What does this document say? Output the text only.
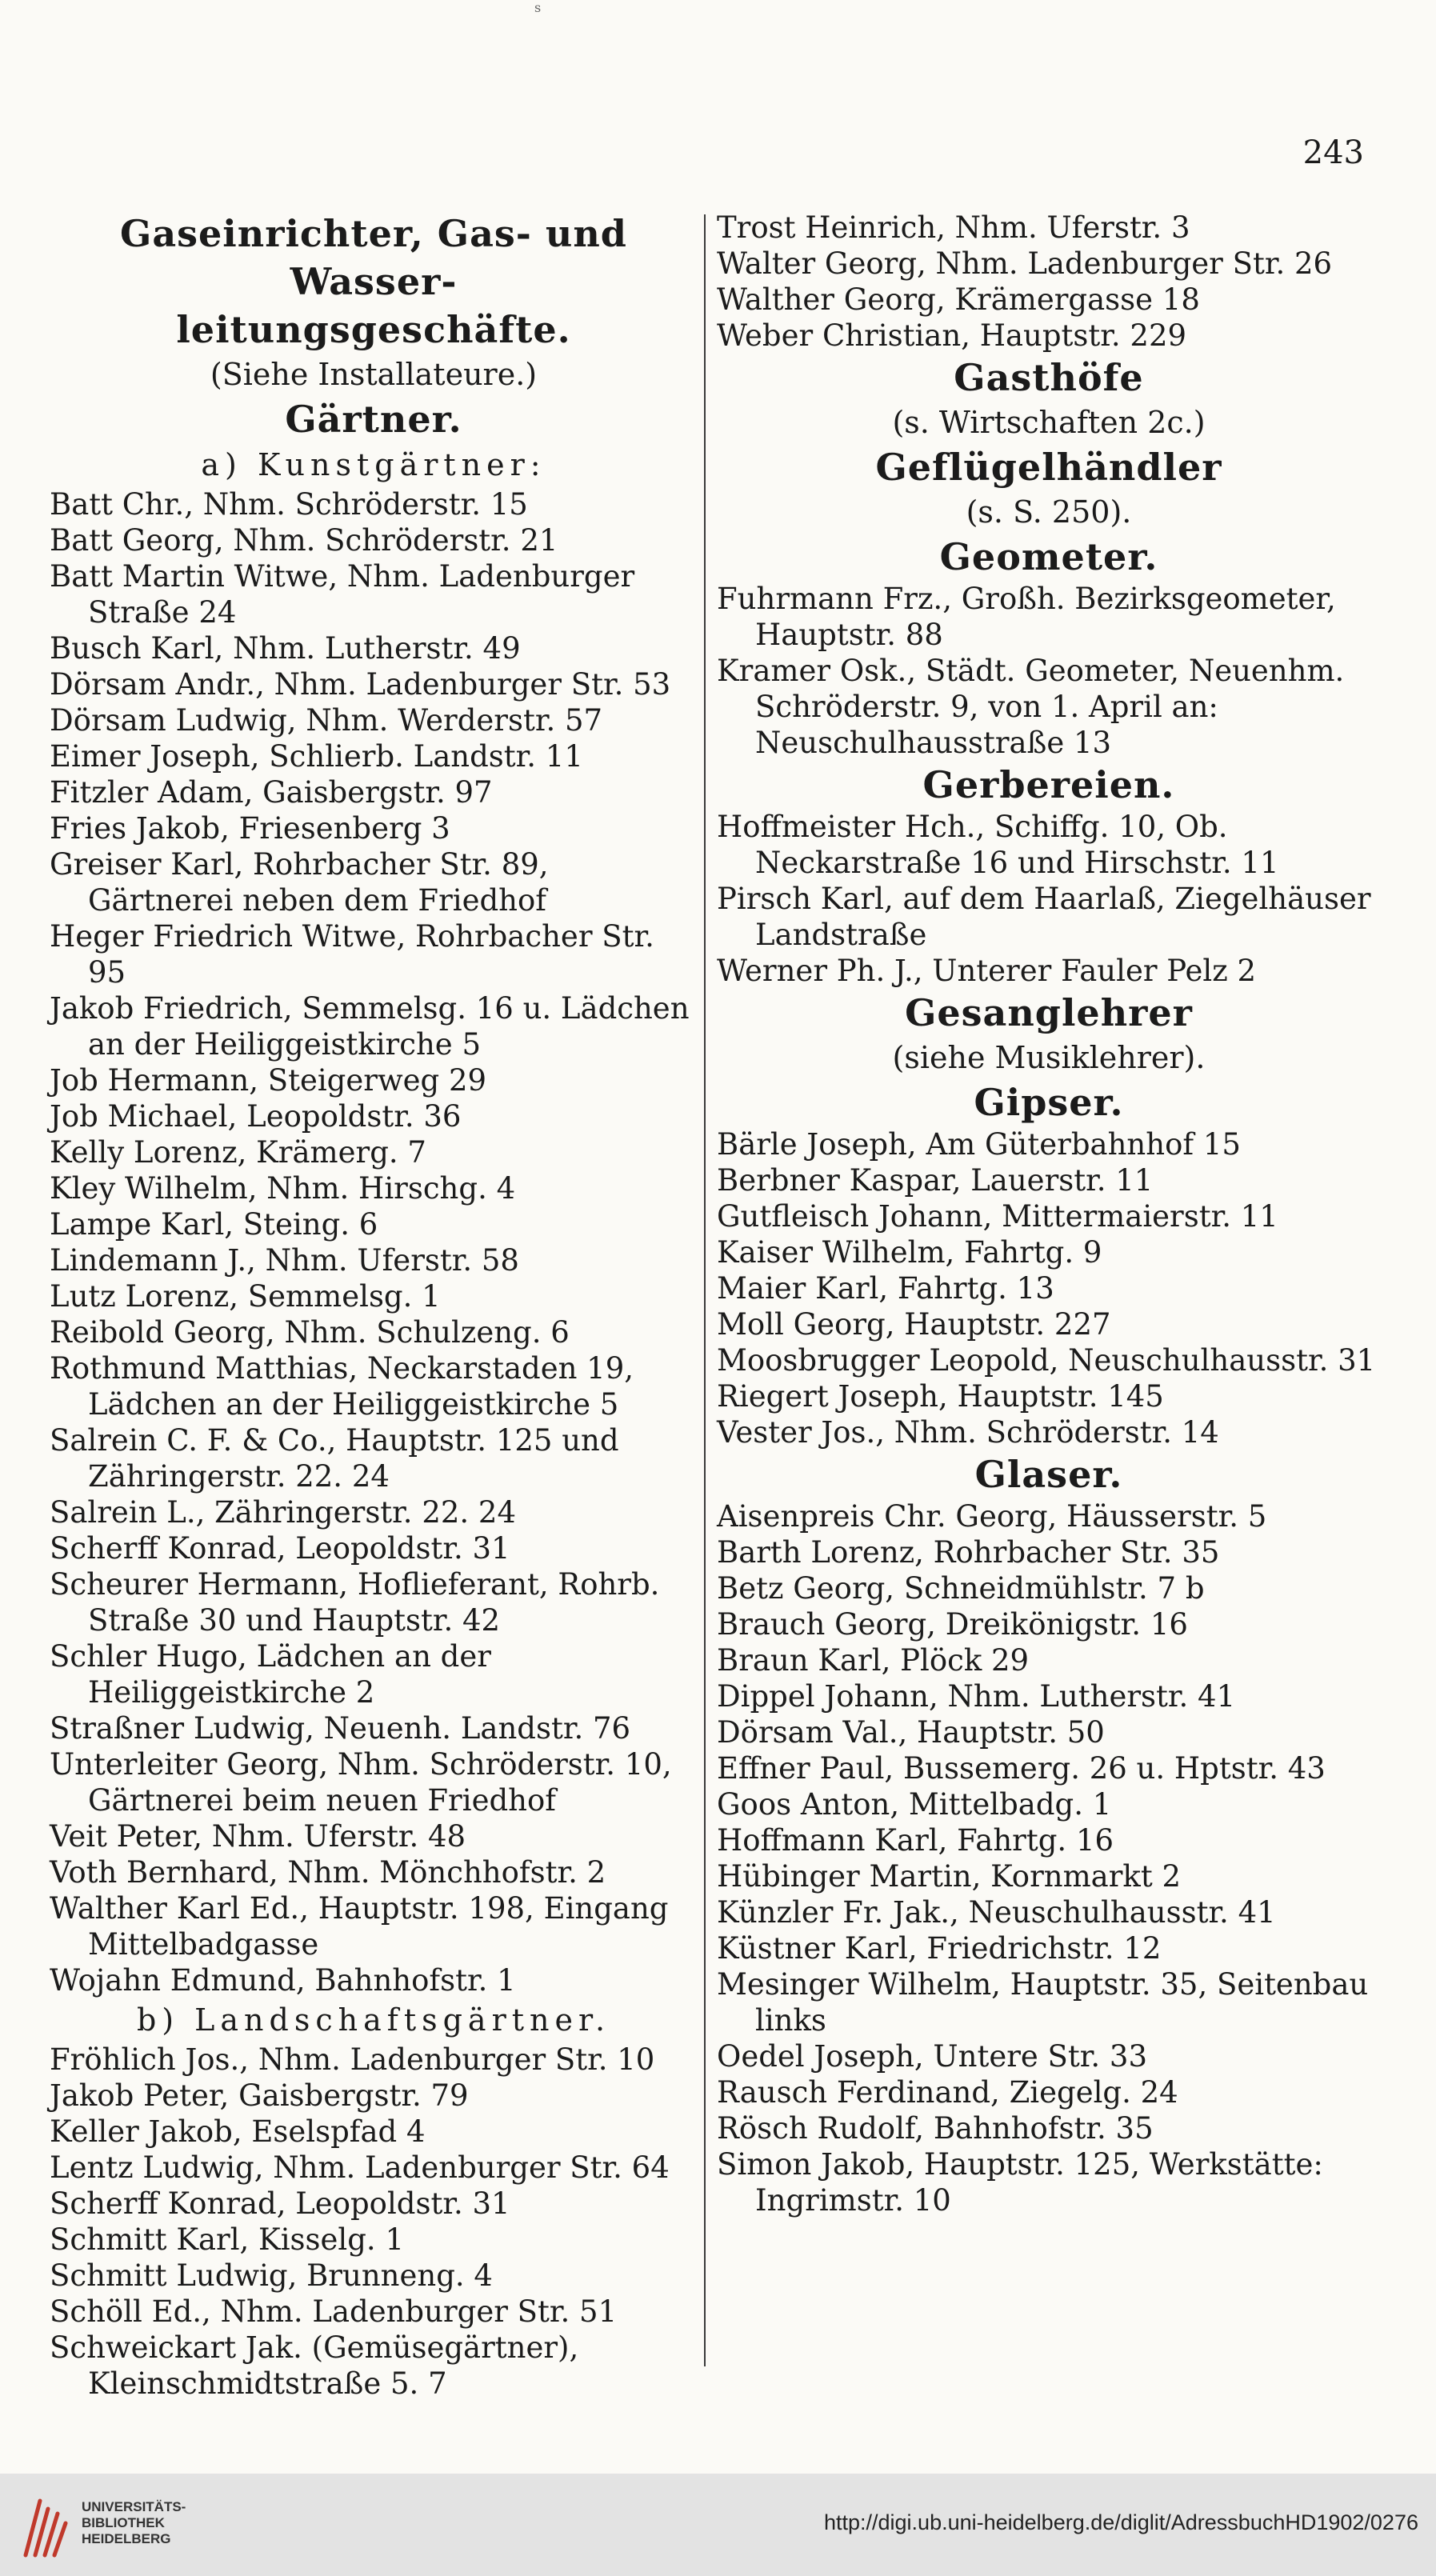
s
243
Gaseinrichter, Gas- und Wasser-
leitungsgeschäfte.
(Siehe Installateure.)
Gärtner.
a) Kunstgärtner:
Batt Chr., Nhm. Schröderstr. 15
Batt Georg, Nhm. Schröderstr. 21
Batt Martin Witwe, Nhm. Ladenburger Straße 24
Busch Karl, Nhm. Lutherstr. 49
Dörsam Andr., Nhm. Ladenburger Str. 53
Dörsam Ludwig, Nhm. Werderstr. 57
Eimer Joseph, Schlierb. Landstr. 11
Fitzler Adam, Gaisbergstr. 97
Fries Jakob, Friesenberg 3
Greiser Karl, Rohrbacher Str. 89, Gärtnerei neben dem Friedhof
Heger Friedrich Witwe, Rohrbacher Str. 95
Jakob Friedrich, Semmelsg. 16 u. Lädchen an der Heiliggeistkirche 5
Job Hermann, Steigerweg 29
Job Michael, Leopoldstr. 36
Kelly Lorenz, Krämerg. 7
Kley Wilhelm, Nhm. Hirschg. 4
Lampe Karl, Steing. 6
Lindemann J., Nhm. Uferstr. 58
Lutz Lorenz, Semmelsg. 1
Reibold Georg, Nhm. Schulzeng. 6
Rothmund Matthias, Neckarstaden 19, Lädchen an der Heiliggeistkirche 5
Salrein C. F. & Co., Hauptstr. 125 und Zähringerstr. 22. 24
Salrein L., Zähringerstr. 22. 24
Scherff Konrad, Leopoldstr. 31
Scheurer Hermann, Hoflieferant, Rohrb. Straße 30 und Hauptstr. 42
Schler Hugo, Lädchen an der Heiliggeistkirche 2
Straßner Ludwig, Neuenh. Landstr. 76
Unterleiter Georg, Nhm. Schröderstr. 10, Gärtnerei beim neuen Friedhof
Veit Peter, Nhm. Uferstr. 48
Voth Bernhard, Nhm. Mönchhofstr. 2
Walther Karl Ed., Hauptstr. 198, Eingang Mittelbadgasse
Wojahn Edmund, Bahnhofstr. 1
b) Landschaftsgärtner.
Fröhlich Jos., Nhm. Ladenburger Str. 10
Jakob Peter, Gaisbergstr. 79
Keller Jakob, Eselspfad 4
Lentz Ludwig, Nhm. Ladenburger Str. 64
Scherff Konrad, Leopoldstr. 31
Schmitt Karl, Kisselg. 1
Schmitt Ludwig, Brunneng. 4
Schöll Ed., Nhm. Ladenburger Str. 51
Schweickart Jak. (Gemüsegärtner), Kleinschmidtstraße 5. 7
Trost Heinrich, Nhm. Uferstr. 3
Walter Georg, Nhm. Ladenburger Str. 26
Walther Georg, Krämergasse 18
Weber Christian, Hauptstr. 229
Gasthöfe
(s. Wirtschaften 2c.)
Geflügelhändler
(s. S. 250).
Geometer.
Fuhrmann Frz., Großh. Bezirksgeometer, Hauptstr. 88
Kramer Osk., Städt. Geometer, Neuenhm. Schröderstr. 9, von 1. April an: Neuschulhausstraße 13
Gerbereien.
Hoffmeister Hch., Schiffg. 10, Ob. Neckarstraße 16 und Hirschstr. 11
Pirsch Karl, auf dem Haarlaß, Ziegelhäuser Landstraße
Werner Ph. J., Unterer Fauler Pelz 2
Gesanglehrer
(siehe Musiklehrer).
Gipser.
Bärle Joseph, Am Güterbahnhof 15
Berbner Kaspar, Lauerstr. 11
Gutfleisch Johann, Mittermaierstr. 11
Kaiser Wilhelm, Fahrtg. 9
Maier Karl, Fahrtg. 13
Moll Georg, Hauptstr. 227
Moosbrugger Leopold, Neuschulhausstr. 31
Riegert Joseph, Hauptstr. 145
Vester Jos., Nhm. Schröderstr. 14
Glaser.
Aisenpreis Chr. Georg, Häusserstr. 5
Barth Lorenz, Rohrbacher Str. 35
Betz Georg, Schneidmühlstr. 7 b
Brauch Georg, Dreikönigstr. 16
Braun Karl, Plöck 29
Dippel Johann, Nhm. Lutherstr. 41
Dörsam Val., Hauptstr. 50
Effner Paul, Bussemerg. 26 u. Hptstr. 43
Goos Anton, Mittelbadg. 1
Hoffmann Karl, Fahrtg. 16
Hübinger Martin, Kornmarkt 2
Künzler Fr. Jak., Neuschulhausstr. 41
Küstner Karl, Friedrichstr. 12
Mesinger Wilhelm, Hauptstr. 35, Seitenbau links
Oedel Joseph, Untere Str. 33
Rausch Ferdinand, Ziegelg. 24
Rösch Rudolf, Bahnhofstr. 35
Simon Jakob, Hauptstr. 125, Werkstätte: Ingrimstr. 10
UNIVERSITÄTS-
BIBLIOTHEK
HEIDELBERG
http://digi.ub.uni-heidelberg.de/diglit/AdressbuchHD1902/0276
